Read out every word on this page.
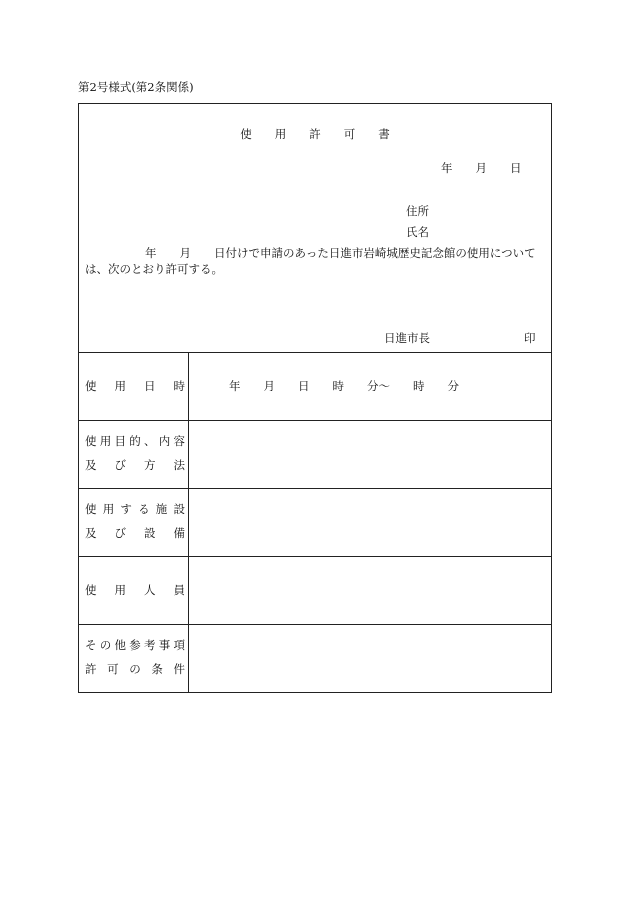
第2号様式(第2条関係)
使　　用　　許　　可　　書
年　　月　　日
住所
氏名
年　　月　　日付けで申請のあった日進市岩崎城歴史記念館の使用については、次のとおり許可する。
日進市長	印
使用日時	年　　月　　日　　時　　分～　　時　　分
使用目的、内容
及び方法
使用する施設
及び設備
使用人員
その他参考事項
許可の条件
